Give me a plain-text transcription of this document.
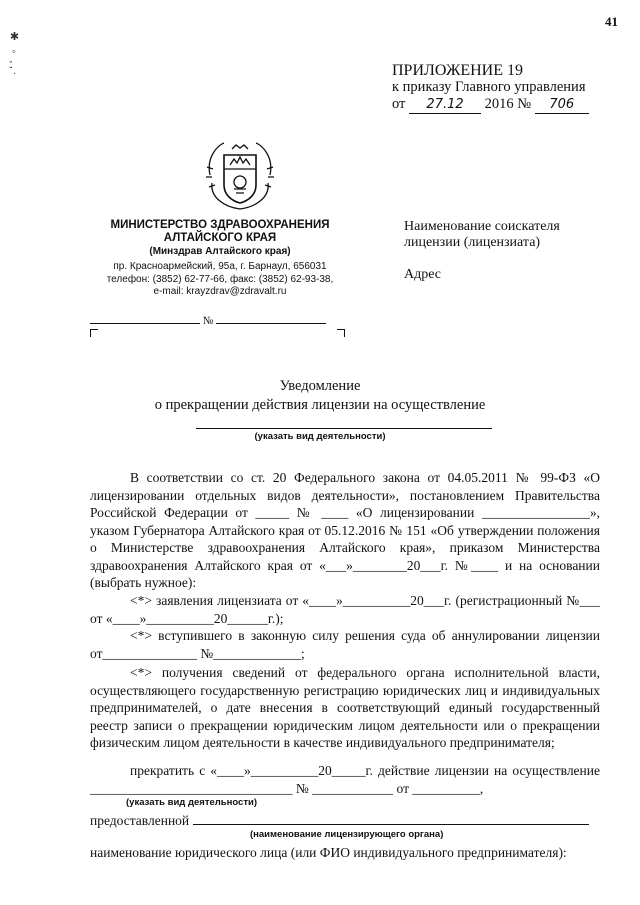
41
✱ ◦ , , ·	ПРИЛОЖЕНИЕ 19
к приказу Главного управления
от 27.12 2016 № 706
МИНИСТЕРСТВО ЗДРАВООХРАНЕНИЯ
АЛТАЙСКОГО КРАЯ
(Минздрав Алтайского края)
пр. Красноармейский, 95а, г. Барнаул, 656031
телефон: (3852) 62-77-66, факс: (3852) 62-93-38,
e-mail: krayzdrav@zdravalt.ru
№
Наименование соискателя лицензии (лицензиата)
Адрес
Уведомление
о прекращении действия лицензии на осуществление
(указать вид деятельности)
В соответствии со ст. 20 Федерального закона от 04.05.2011 № 99-ФЗ «О лицензировании отдельных видов деятельности», постановлением Правительства Российской Федерации от _____ № ____ «О лицензировании ________________», указом Губернатора Алтайского края от 05.12.2016 № 151 «Об утверждении положения о Министерстве здравоохранения Алтайского края», приказом Министерства здравоохранения Алтайского края от «___»________20___г. №____ и на основании (выбрать нужное):
<*> заявления лицензиата от «____»__________20___г. (регистрационный №___ от «____»__________20______г.);
<*> вступившего в законную силу решения суда об аннулировании лицензии от______________ №_____________;
<*> получения сведений от федерального органа исполнительной власти, осуществляющего государственную регистрацию юридических лиц и индивидуальных предпринимателей, о дате внесения в соответствующий единый государственный реестр записи о прекращении юридическим лицом деятельности или о прекращении физическим лицом деятельности в качестве индивидуального предпринимателя;
прекратить с «____»__________20_____г. действие лицензии на осуществление ______________________________ № ____________ от __________,
(указать вид деятельности)
предоставленной
(наименование лицензирующего органа)
наименование юридического лица (или ФИО индивидуального предпринимателя):
